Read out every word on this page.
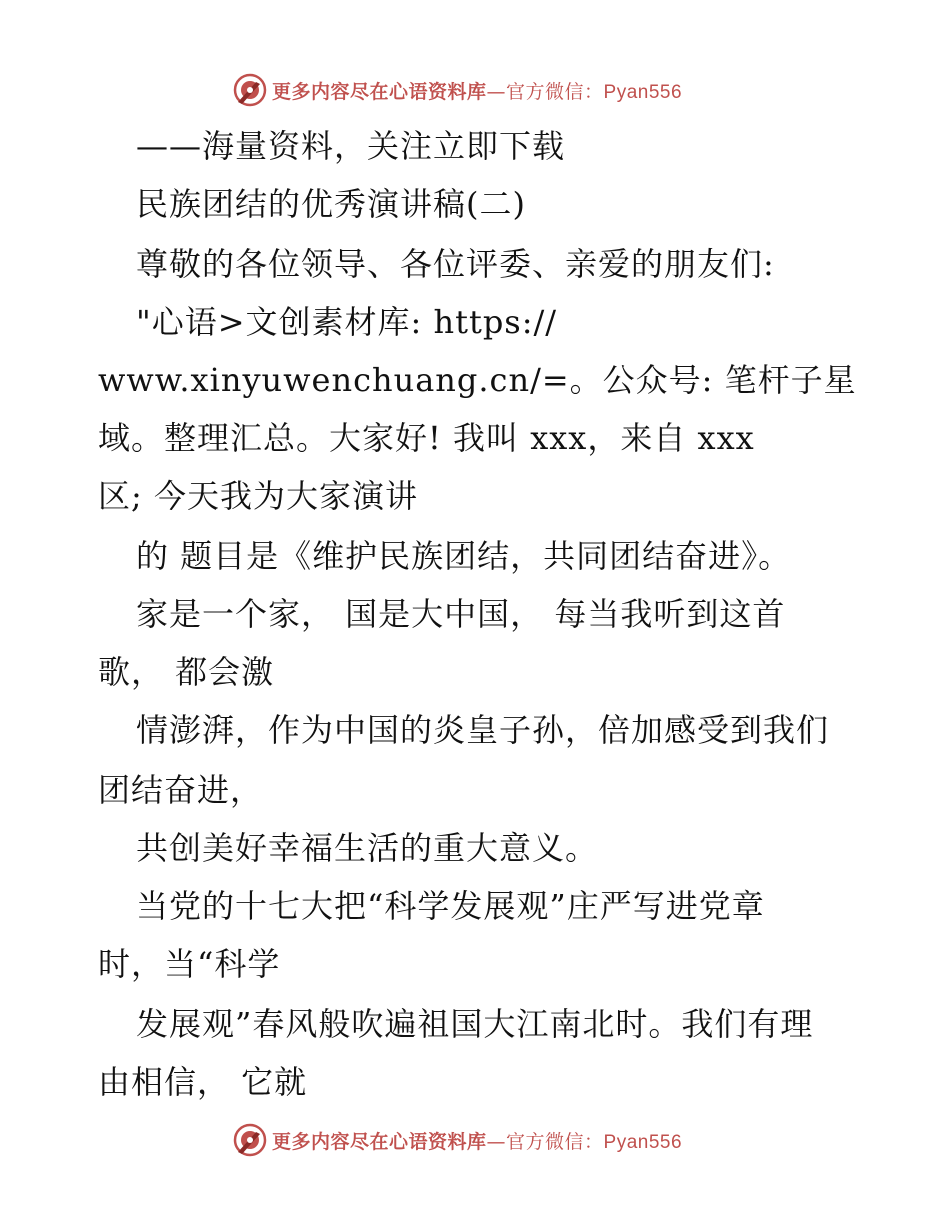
更多内容尽在心语资料库—官方微信：Pyan556
——海量资料，关注立即下载
民族团结的优秀演讲稿(二)
尊敬的各位领导、各位评委、亲爱的朋友们:
"心语>文创素材库: https://
www.xinyuwenchuang.cn/=。公众号: 笔杆子星
域。整理汇总。大家好! 我叫 xxx，来自 xxx
区; 今天我为大家演讲
的 题目是《维护民族团结，共同团结奋进》。
家是一个家， 国是大中国， 每当我听到这首
歌， 都会激
情澎湃，作为中国的炎皇子孙，倍加感受到我们
团结奋进，
共创美好幸福生活的重大意义。
当党的十七大把“科学发展观”庄严写进党章
时，当“科学
发展观”春风般吹遍祖国大江南北时。我们有理
由相信， 它就
更多内容尽在心语资料库—官方微信：Pyan556
